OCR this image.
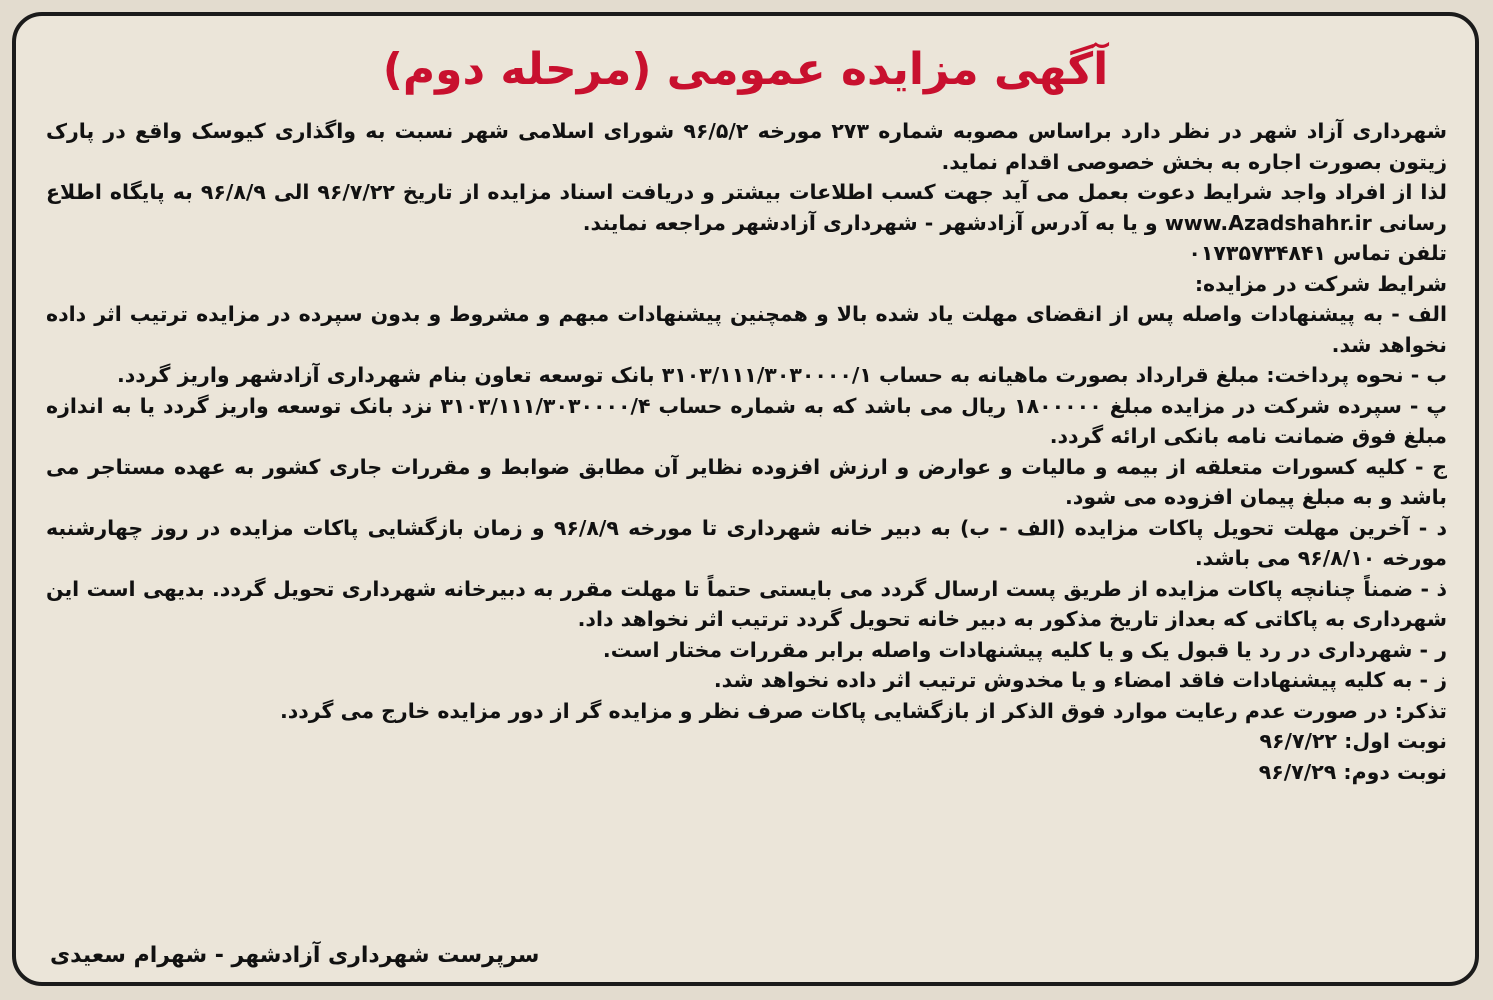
آگهی مزایده عمومی (مرحله دوم)

شهرداری آزاد شهر در نظر دارد براساس مصوبه شماره ۲۷۳ مورخه ۹۶/۵/۲ شورای اسلامی شهر نسبت به واگذاری کیوسک واقع در پارک زیتون بصورت اجاره به بخش خصوصی اقدام نماید.

لذا از افراد واجد شرایط دعوت بعمل می آید جهت کسب اطلاعات بیشتر و دریافت اسناد مزایده از تاریخ ۹۶/۷/۲۲ الی ۹۶/۸/۹ به پایگاه اطلاع رسانی www.Azadshahr.ir و یا به آدرس آزادشهر - شهرداری آزادشهر مراجعه نمایند.

تلفن تماس ۰۱۷۳۵۷۳۴۸۴۱

شرایط شرکت در مزایده:

الف - به پیشنهادات واصله پس از انقضای مهلت یاد شده بالا و همچنین پیشنهادات مبهم و مشروط و بدون سپرده در مزایده ترتیب اثر داده نخواهد شد.

ب - نحوه پرداخت: مبلغ قرارداد بصورت ماهیانه به حساب ۳۱۰۳/۱۱۱/۳۰۳۰۰۰۰/۱ بانک توسعه تعاون بنام شهرداری آزادشهر واریز گردد.

پ - سپرده شرکت در مزایده مبلغ ۱۸۰۰۰۰۰ ریال می باشد که به شماره حساب ۳۱۰۳/۱۱۱/۳۰۳۰۰۰۰/۴ نزد بانک توسعه واریز گردد یا به اندازه مبلغ فوق ضمانت نامه بانکی ارائه گردد.

ج - کلیه کسورات متعلقه از بیمه و مالیات و عوارض و ارزش افزوده نظایر آن مطابق ضوابط و مقررات جاری کشور به عهده مستاجر می باشد و به مبلغ پیمان افزوده می شود.

د - آخرین مهلت تحویل پاکات مزایده (الف - ب) به دبیر خانه شهرداری تا مورخه ۹۶/۸/۹ و زمان بازگشایی پاکات مزایده در روز چهارشنبه مورخه ۹۶/۸/۱۰ می باشد.

ذ - ضمناً چنانچه پاکات مزایده از طریق پست ارسال گردد می بایستی حتماً تا مهلت مقرر به دبیرخانه شهرداری تحویل گردد. بدیهی است این شهرداری به پاکاتی که بعداز تاریخ مذکور به دبیر خانه تحویل گردد ترتیب اثر نخواهد داد.

ر - شهرداری در رد یا قبول یک و یا کلیه پیشنهادات واصله برابر مقررات مختار است.

ز - به کلیه پیشنهادات فاقد امضاء و یا مخدوش ترتیب اثر داده نخواهد شد.

تذکر: در صورت عدم رعایت موارد فوق الذکر از بازگشایی پاکات صرف نظر و مزایده گر از دور مزایده خارج می گردد.

نوبت اول: ۹۶/۷/۲۲

نوبت دوم: ۹۶/۷/۲۹

سرپرست شهرداری آزادشهر - شهرام سعیدی
